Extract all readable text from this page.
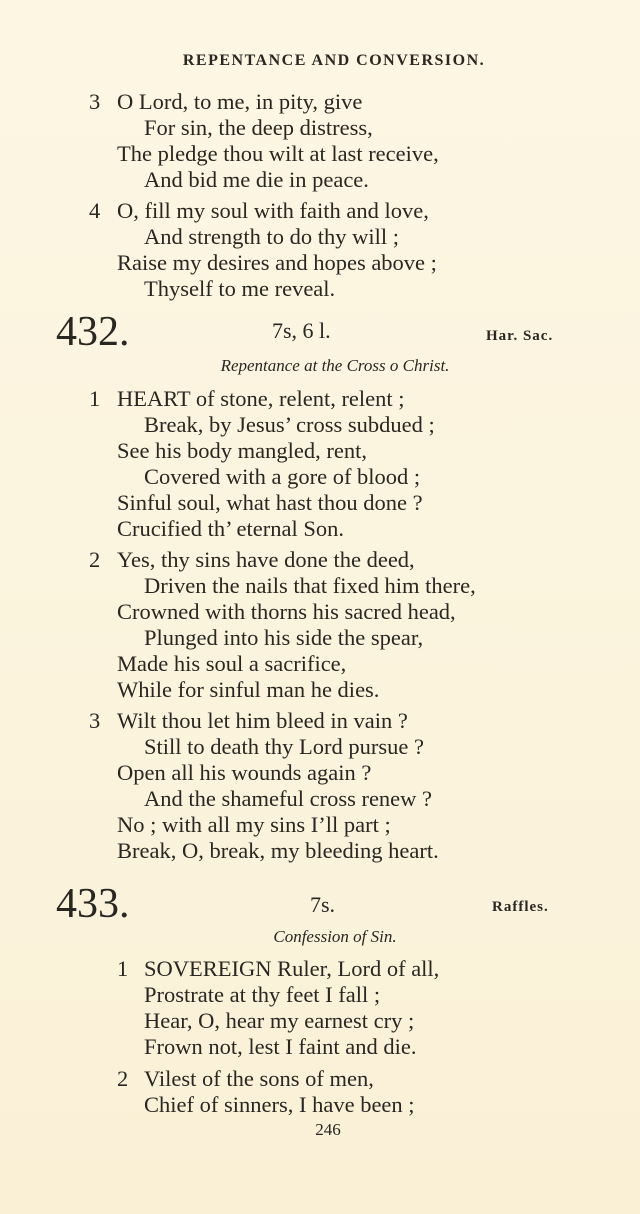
REPENTANCE AND CONVERSION.
3 O Lord, to me, in pity, give
For sin, the deep distress,
The pledge thou wilt at last receive,
And bid me die in peace.
4 O, fill my soul with faith and love,
And strength to do thy will ;
Raise my desires and hopes above ;
Thyself to me reveal.
432.	7s, 6 l.	Har. Sac.
Repentance at the Cross o Christ.
1 HEART of stone, relent, relent ;
Break, by Jesus’ cross subdued ;
See his body mangled, rent,
Covered with a gore of blood ;
Sinful soul, what hast thou done ?
Crucified th’ eternal Son.
2 Yes, thy sins have done the deed,
Driven the nails that fixed him there,
Crowned with thorns his sacred head,
Plunged into his side the spear,
Made his soul a sacrifice,
While for sinful man he dies.
3 Wilt thou let him bleed in vain ?
Still to death thy Lord pursue ?
Open all his wounds again ?
And the shameful cross renew ?
No ; with all my sins I’ll part ;
Break, O, break, my bleeding heart.
433.	7s.	Raffles.
Confession of Sin.
1 SOVEREIGN Ruler, Lord of all,
Prostrate at thy feet I fall ;
Hear, O, hear my earnest cry ;
Frown not, lest I faint and die.
2 Vilest of the sons of men,
Chief of sinners, I have been ;
246
